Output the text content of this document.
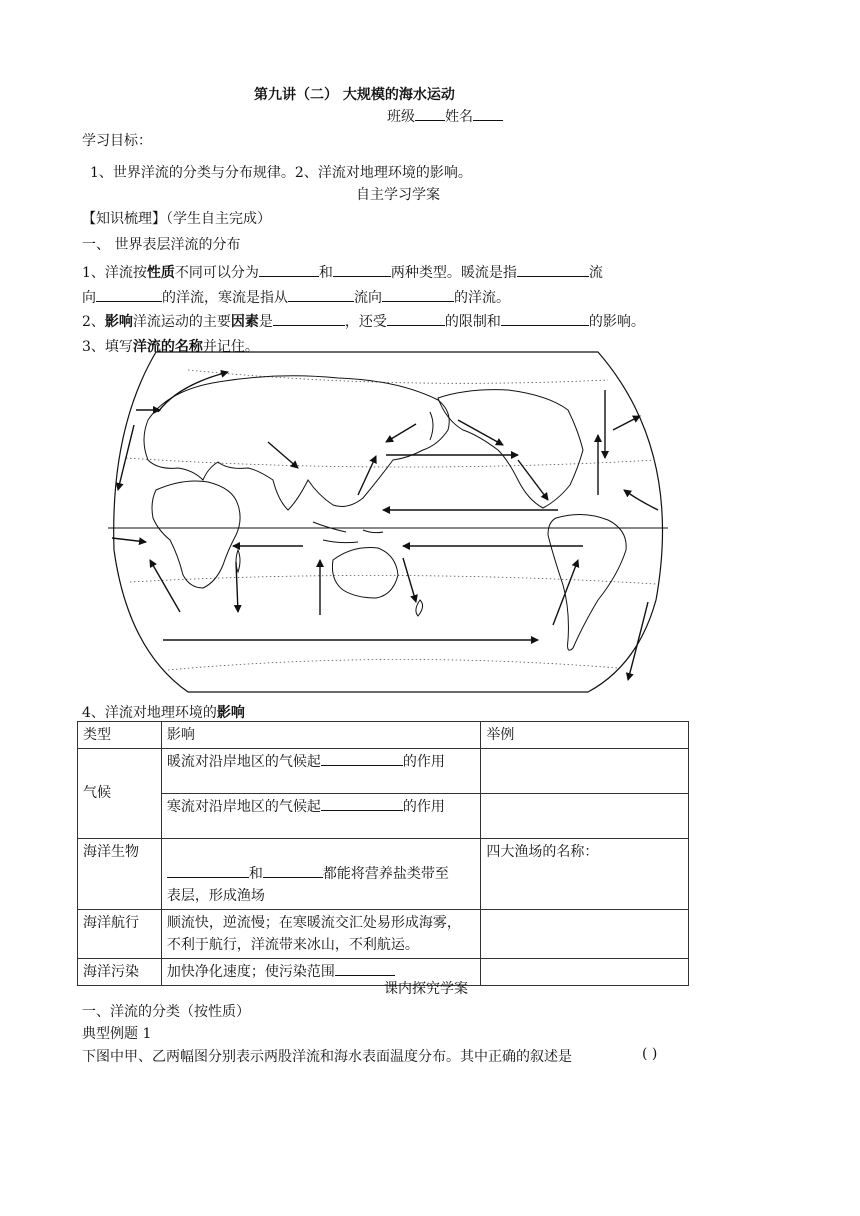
第九讲（二） 大规模的海水运动
班级 姓名
学习目标：
1、世界洋流的分类与分布规律。2、洋流对地理环境的影响。
自主学习学案
【知识梳理】（学生自主完成）
一、 世界表层洋流的分布
1、洋流按性质不同可以分为	和	两种类型。暖流是指	流
向	的洋流，寒流是指从	流向	的洋流。
2、影响洋流运动的主要因素是	，还受	的限制和	的影响。
3、填写洋流的名称并记住。
4、洋流对地理环境的影响
类型	影响	举例
气候	暖流对沿岸地区的气候起 的作用	
	寒流对沿岸地区的气候起 的作用	
海洋生物	和 都能将营养盐类带至
表层，形成渔场	四大渔场的名称：
海洋航行	顺流快，逆流慢；在寒暖流交汇处易形成海雾，
不利于航行，洋流带来冰山，不利航运。	
海洋污染	加快净化速度；使污染范围	
课内探究学案
一、洋流的分类（按性质）
典型例题 1
下图中甲、乙两幅图分别表示两股洋流和海水表面温度分布。其中正确的叙述是	( )
